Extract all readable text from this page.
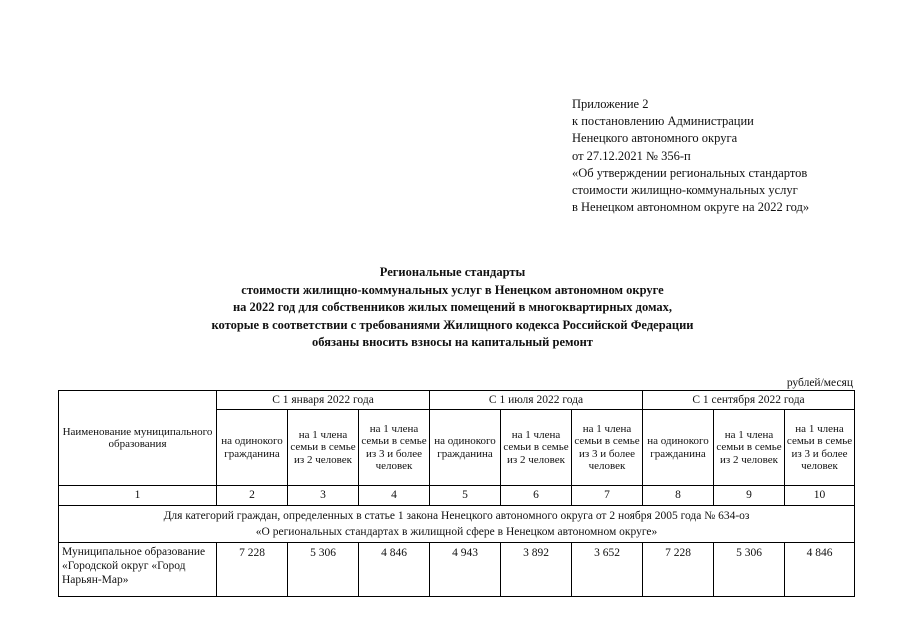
Приложение 2
к постановлению Администрации
Ненецкого автономного округа
от 27.12.2021 № 356-п
«Об утверждении региональных стандартов
стоимости жилищно-коммунальных услуг
в Ненецком автономном округе на 2022 год»
Региональные стандарты
стоимости жилищно-коммунальных услуг в Ненецком автономном округе
на 2022 год для собственников жилых помещений в многоквартирных домах,
которые в соответствии с требованиями Жилищного кодекса Российской Федерации
обязаны вносить взносы на капитальный ремонт
рублей/месяц
Наименование муниципального образования	С 1 января 2022 года			С 1 июля 2022 года			С 1 сентября 2022 года		
	на одинокого гражданина	на 1 члена семьи в семье из 2 человек	на 1 члена семьи в семье из 3 и более человек	на одинокого гражданина	на 1 члена семьи в семье из 2 человек	на 1 члена семьи в семье из 3 и более человек	на одинокого гражданина	на 1 члена семьи в семье из 2 человек	на 1 члена семьи в семье из 3 и более человек
1	2	3	4	5	6	7	8	9	10

Для категорий граждан, определенных в статье 1 закона Ненецкого автономного округа от 2 ноября 2005 года № 634-оз
«О региональных стандартах в жилищной сфере в Ненецком автономном округе»									

Муниципальное образование «Городской округ «Город Нарьян-Мар»	7 228	5 306	4 846	4 943	3 892	3 652	7 228	5 306	4 846
